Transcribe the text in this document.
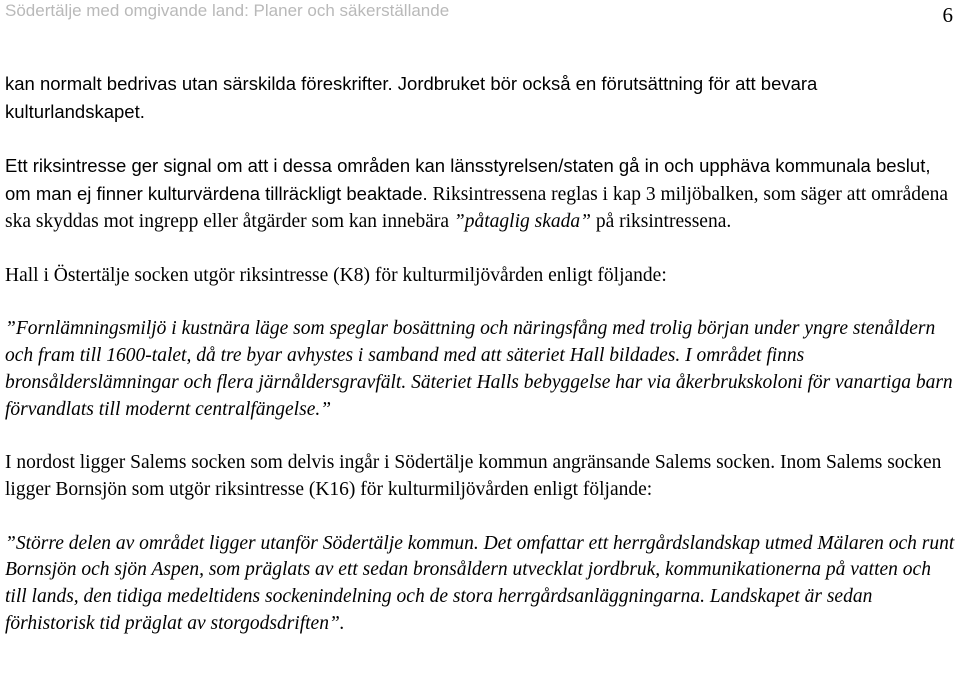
Södertälje med omgivande land: Planer och säkerställande	6

kan normalt bedrivas utan särskilda föreskrifter. Jordbruket bör också en förutsättning för att bevara kulturlandskapet.

Ett riksintresse ger signal om att i dessa områden kan länsstyrelsen/staten gå in och upphäva kommunala beslut, om man ej finner kulturvärdena tillräckligt beaktade. Riksintressena reglas i kap 3 miljöbalken, som säger att områdena ska skyddas mot ingrepp eller åtgärder som kan innebära ”påtaglig skada” på riksintressena.

Hall i Östertälje socken utgör riksintresse (K8) för kulturmiljövården enligt följande:

”Fornlämningsmiljö i kustnära läge som speglar bosättning och näringsfång med trolig början under yngre stenåldern och fram till 1600-talet, då tre byar avhystes i samband med att säteriet Hall bildades. I området finns bronsålderslämningar och flera järnåldersgravfält. Säteriet Halls bebyggelse har via åkerbrukskoloni för vanartiga barn förvandlats till modernt centralfängelse.”

I nordost ligger Salems socken som delvis ingår i Södertälje kommun angränsande Salems socken. Inom Salems socken ligger Bornsjön som utgör riksintresse (K16) för kulturmiljövården enligt följande:

”Större delen av området ligger utanför Södertälje kommun. Det omfattar ett herrgårdslandskap utmed Mälaren och runt Bornsjön och sjön Aspen, som präglats av ett sedan bronsåldern utvecklat jordbruk, kommunikationerna på vatten och till lands, den tidiga medeltidens sockenindelning och de stora herrgårdsanläggningarna. Landskapet är sedan förhistorisk tid präglat av storgodsdriften”.
